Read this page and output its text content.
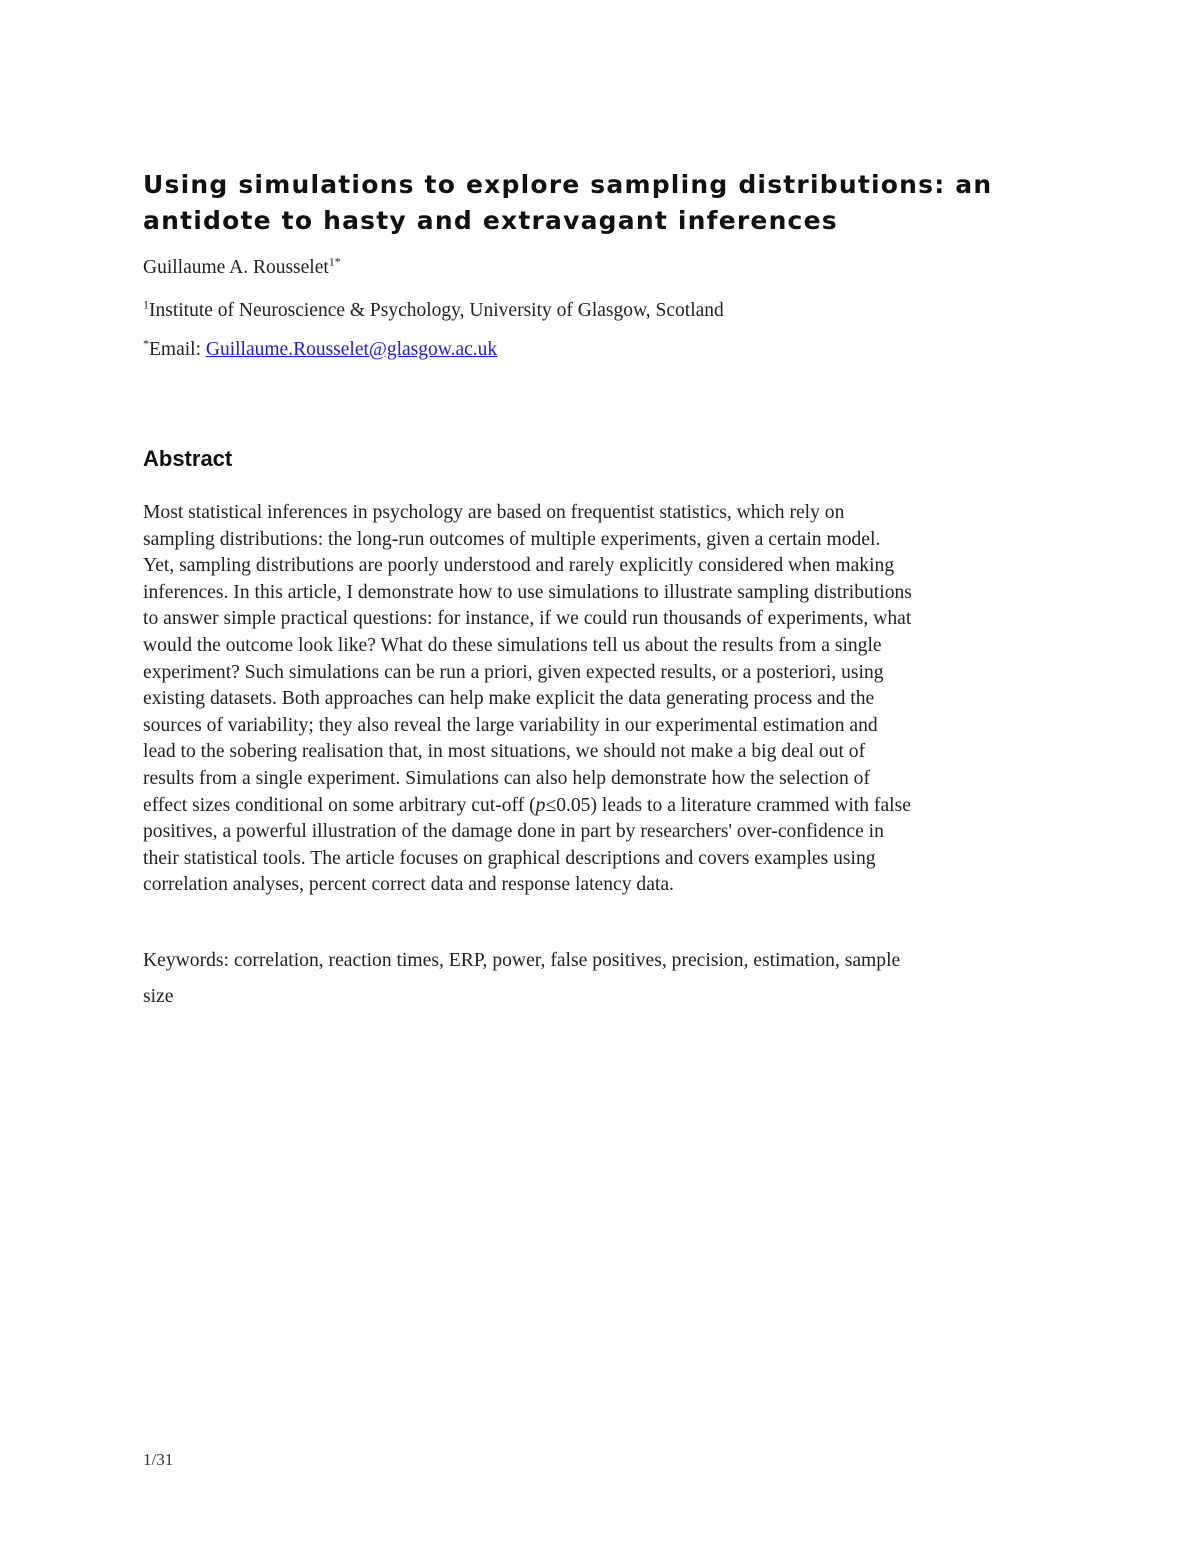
Using simulations to explore sampling distributions: an
antidote to hasty and extravagant inferences
Guillaume A. Rousselet$^{1*}$
$^1$Institute of Neuroscience & Psychology, University of Glasgow, Scotland
*Email: Guillaume.Rousselet@glasgow.ac.uk
Abstract

Most statistical inferences in psychology are based on frequentist statistics, which rely on
sampling distributions: the long-run outcomes of multiple experiments, given a certain model.
Yet, sampling distributions are poorly understood and rarely explicitly considered when making
inferences. In this article, I demonstrate how to use simulations to illustrate sampling distributions
to answer simple practical questions: for instance, if we could run thousands of experiments, what
would the outcome look like? What do these simulations tell us about the results from a single
experiment? Such simulations can be run a priori, given expected results, or a posteriori, using
existing datasets. Both approaches can help make explicit the data generating process and the
sources of variability; they also reveal the large variability in our experimental estimation and
lead to the sobering realisation that, in most situations, we should not make a big deal out of
results from a single experiment. Simulations can also help demonstrate how the selection of
effect sizes conditional on some arbitrary cut-off (p≤0.05) leads to a literature crammed with false
positives, a powerful illustration of the damage done in part by researchers' over-confidence in
their statistical tools. The article focuses on graphical descriptions and covers examples using
correlation analyses, percent correct data and response latency data.

Keywords: correlation, reaction times, ERP, power, false positives, precision, estimation, sample
size

1/31
